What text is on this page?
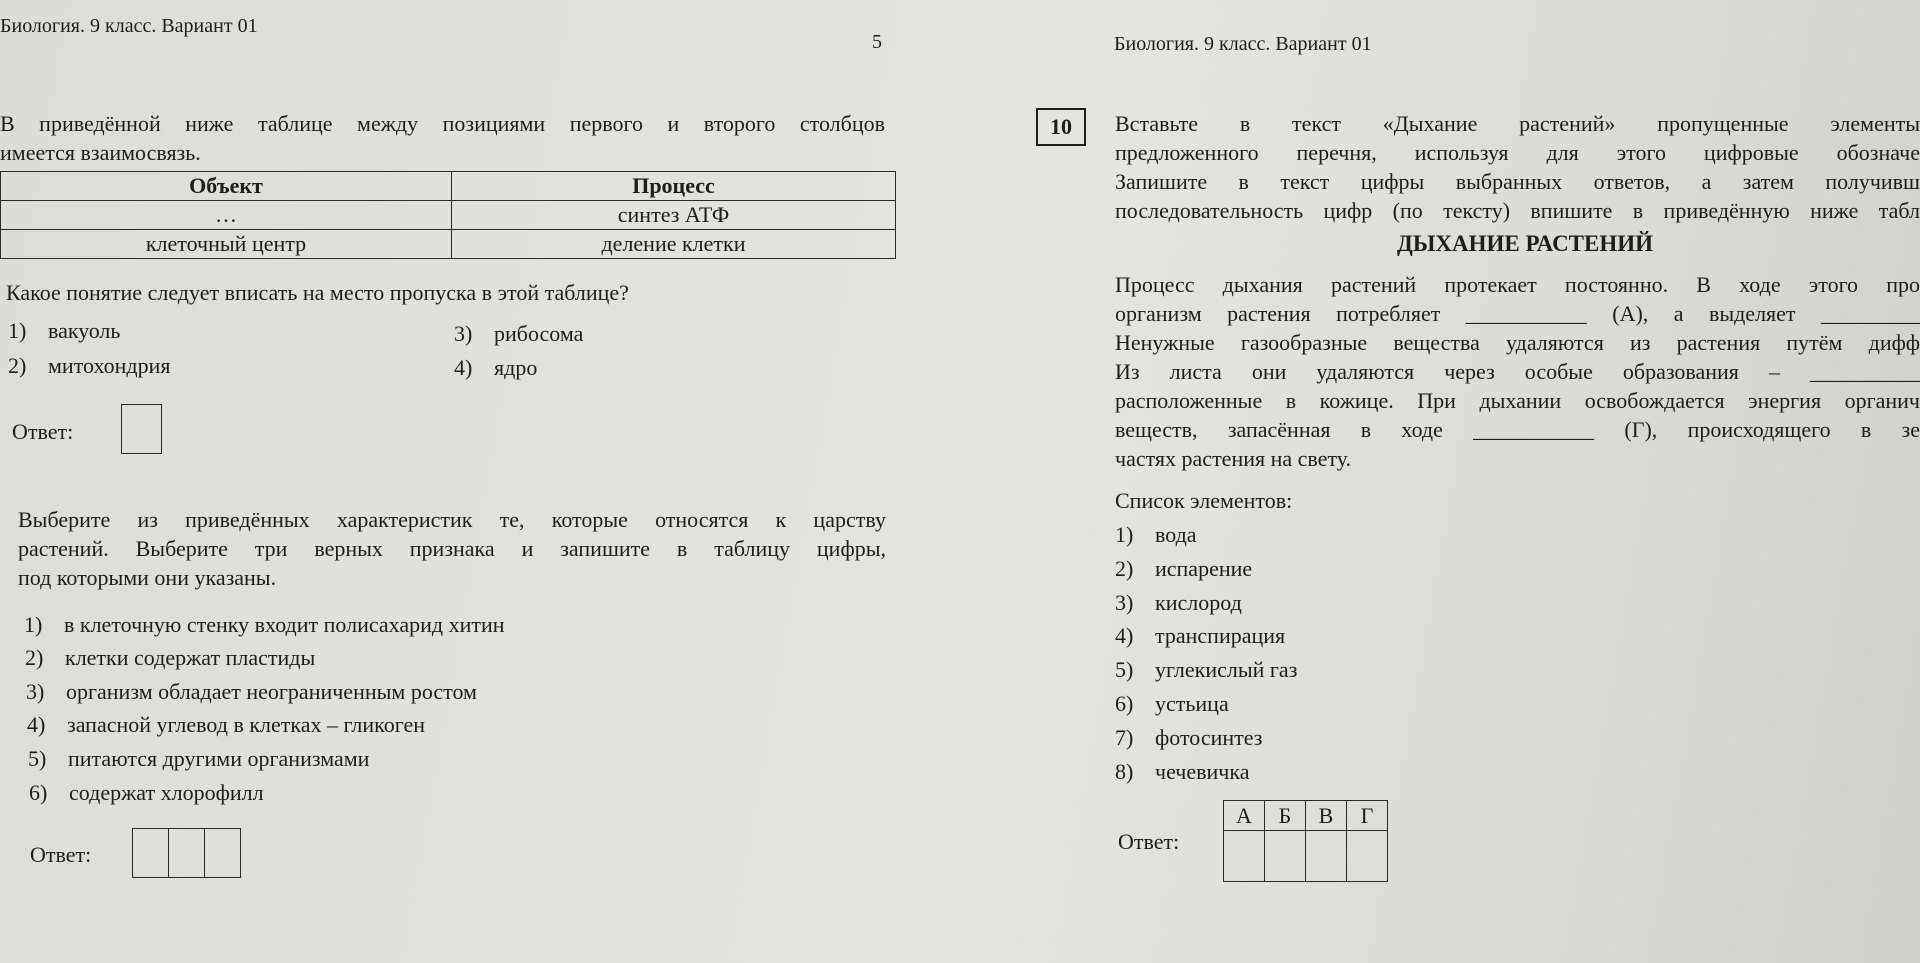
Биология. 9 класс. Вариант 01
5
В приведённой ниже таблице между позициями первого и второго столбцов
имеется взаимосвязь.
Объект	Процесс
…	синтез АТФ
клеточный центр	деление клетки
Какое понятие следует вписать на место пропуска в этой таблице?
1) вакуоль
2) митохондрия
3) рибосома
4) ядро
Ответ:
Выберите из приведённых характеристик те, которые относятся к царству
растений. Выберите три верных признака и запишите в таблицу цифры,
под которыми они указаны.
1) в клеточную стенку входит полисахарид хитин
2) клетки содержат пластиды
3) организм обладает неограниченным ростом
4) запасной углевод в клетках – гликоген
5) питаются другими организмами
6) содержат хлорофилл
Ответ:
Биология. 9 класс. Вариант 01
10	Вставьте в текст «Дыхание растений» пропущенные элементы
предложенного перечня, используя для этого цифровые обозначе
Запишите в текст цифры выбранных ответов, а затем получивш
последовательность цифр (по тексту) впишите в приведённую ниже табл
ДЫХАНИЕ РАСТЕНИЙ
Процесс дыхания растений протекает постоянно. В ходе этого про
организм растения потребляет ___________ (А), а выделяет _________
Ненужные газообразные вещества удаляются из растения путём дифф
Из листа они удаляются через особые образования – __________
расположенные в кожице. При дыхании освобождается энергия органич
веществ, запасённая в ходе ___________ (Г), происходящего в зе
частях растения на свету.
Список элементов:
1) вода
2) испарение
3) кислород
4) транспирация
5) углекислый газ
6) устьица
7) фотосинтез
8) чечевичка
Ответ:
А	Б	В	Г
